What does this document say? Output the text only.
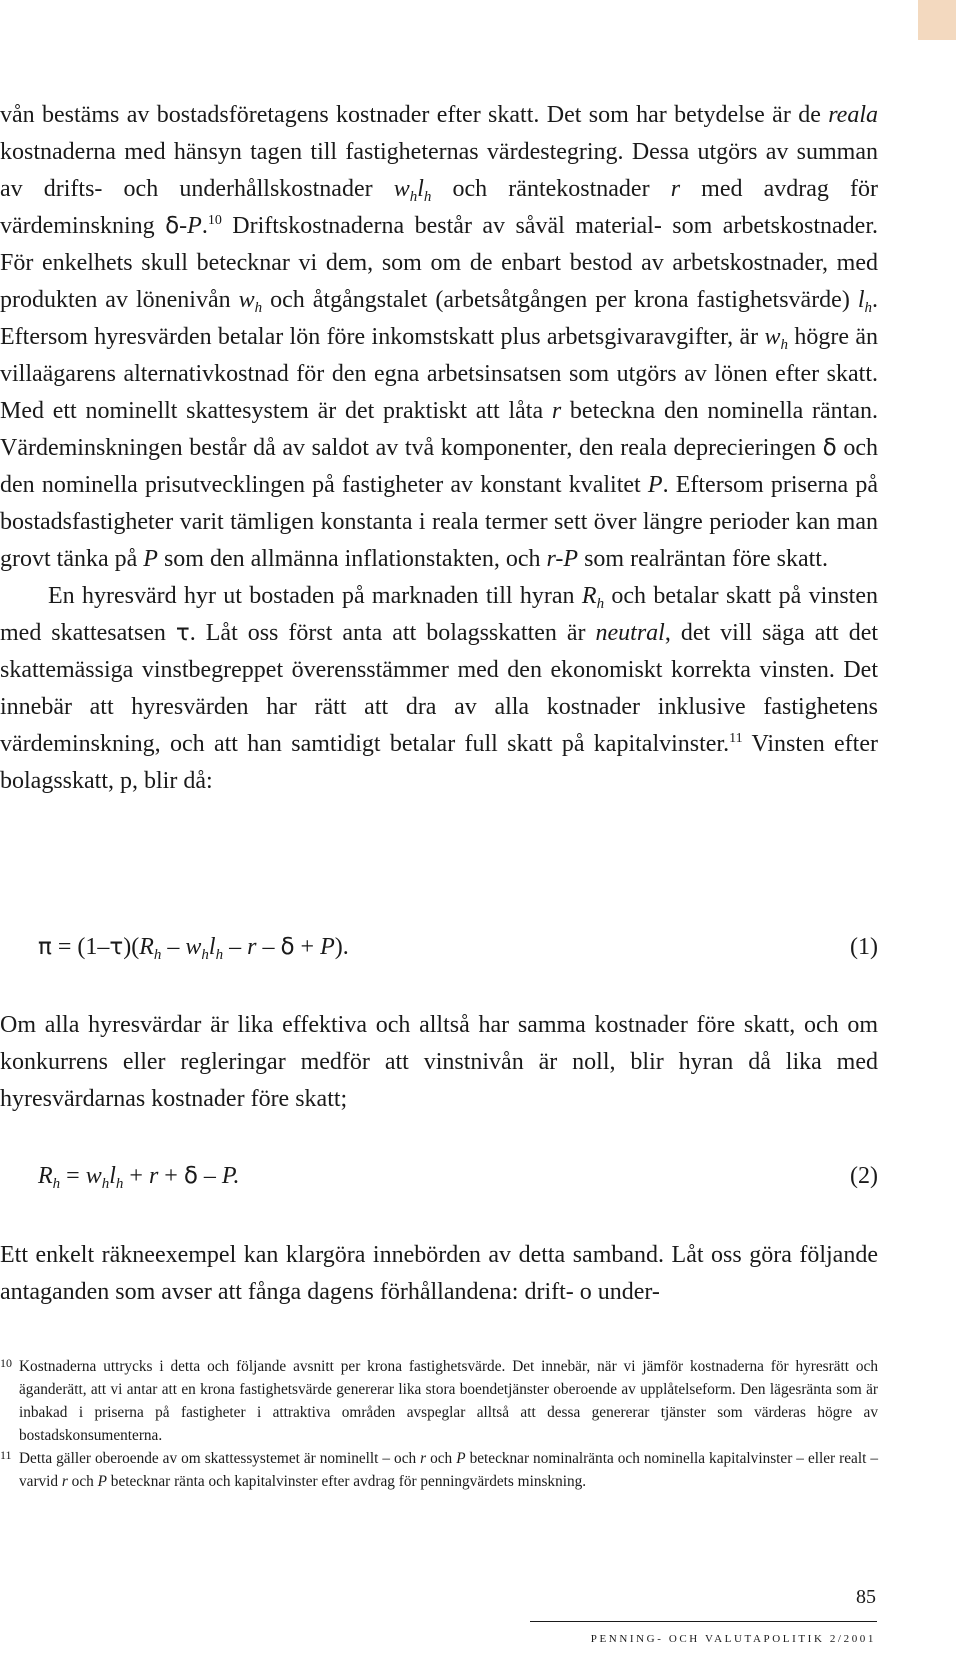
vån bestäms av bostadsföretagens kostnader efter skatt. Det som har betydelse är de reala kostnaderna med hänsyn tagen till fastigheternas värdestegring. Dessa utgörs av summan av drifts- och underhållskostnader $w_hl_h$ och räntekostnader r med avdrag för värdeminskning δ-P.$^{10}$ Driftskostnaderna består av såväl material- som arbetskostnader. För enkelhets skull betecknar vi dem, som om de enbart bestod av arbetskostnader, med produkten av lönenivån $w_h$ och åtgångstalet (arbetsåtgången per krona fastighetsvärde) $l_h$. Eftersom hyresvärden betalar lön före inkomstskatt plus arbetsgivaravgifter, är $w_h$ högre än villaägarens alternativkostnad för den egna arbetsinsatsen som utgörs av lönen efter skatt. Med ett nominellt skattesystem är det praktiskt att låta r beteckna den nominella räntan. Värdeminskningen består då av saldot av två komponenter, den reala deprecieringen δ och den nominella prisutvecklingen på fastigheter av konstant kvalitet P. Eftersom priserna på bostadsfastigheter varit tämligen konstanta i reala termer sett över längre perioder kan man grovt tänka på P som den allmänna inflationstakten, och r-P som realräntan före skatt.

En hyresvärd hyr ut bostaden på marknaden till hyran $R_h$ och betalar skatt på vinsten med skattesatsen τ. Låt oss först anta att bolagsskatten är neutral, det vill säga att det skattemässiga vinstbegreppet överensstämmer med den ekonomiskt korrekta vinsten. Det innebär att hyresvärden har rätt att dra av alla kostnader inklusive fastighetens värdeminskning, och att han samtidigt betalar full skatt på kapitalvinster.$^{11}$ Vinsten efter bolagsskatt, p, blir då:

$\pi = (1-\tau)(R_h - w_hl_h - r - \delta + P)$.	(1)

Om alla hyresvärdar är lika effektiva och alltså har samma kostnader före skatt, och om konkurrens eller regleringar medför att vinstnivån är noll, blir hyran då lika med hyresvärdarnas kostnader före skatt;

$R_h = w_hl_h + r + \delta - P$.	(2)

Ett enkelt räkneexempel kan klargöra innebörden av detta samband. Låt oss göra följande antaganden som avser att fånga dagens förhållandena: drift- o under-

10 Kostnaderna uttrycks i detta och följande avsnitt per krona fastighetsvärde. Det innebär, när vi jämför kostnaderna för hyresrätt och äganderätt, att vi antar att en krona fastighetsvärde genererar lika stora boendetjänster oberoende av upplåtelseform. Den lägesränta som är inbakad i priserna på fastigheter i attraktiva områden avspeglar alltså att dessa genererar tjänster som värderas högre av bostadskonsumenterna.
11 Detta gäller oberoende av om skattessystemet är nominellt – och r och P betecknar nominalränta och nominella kapitalvinster – eller realt – varvid r och P betecknar ränta och kapitalvinster efter avdrag för penningvärdets minskning.
85
PENNING- OCH VALUTAPOLITIK 2/2001
